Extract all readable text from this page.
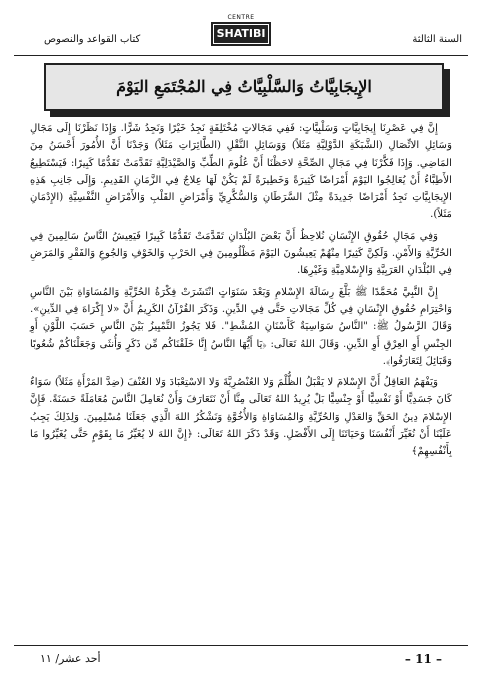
السنة الثالثة
CENTRE
SHATIBI
كتاب القواعد والنصوص
الإِيجَابِيَّاتُ وَالسَّلْبِيَّاتُ فِي المُجْتَمَعِ اليَوْمَ

إِنَّ فِي عَصْرِنَا إِيجَابِيَّاتٍ وَسَلْبِيَّاتٍ: فَفِي مَجَالاتٍ مُخْتَلِفَةٍ نَجِدُ خَيْرًا وَنَجِدُ شَرًّا. وَإِذَا نَظَرْنَا إِلَى مَجَالِ وَسَائِلِ الاتِّصَالِ (الشَّبَكَةِ الدَّوْلِيَّةِ مَثَلاً) وَوَسَائِلِ النَّقْلِ (الطَّائِرَاتِ مَثَلاً) وَجَدْنَا أَنَّ الأُمُورَ أَحْسَنُ مِنَ المَاضِي. وَإِذَا فَكَّرْنَا فِي مَجَالِ الصِّحَّةِ لاحَظْنَا أَنَّ عُلُومَ الطِّبِّ وَالصَّيْدَلِيَّةِ تَقَدَّمَتْ تَقَدُّمًا كَبِيرًا: فَيَسْتَطِيعُ الأَطِبَّاءُ أَنْ يُعَالِجُوا اليَوْمَ أَمْرَاضًا كَثِيرَةً وَخَطِيرَةً لَمْ يَكُنْ لَهَا عِلاجٌ فِي الزَّمَانِ القَدِيمِ. وَإِلَى جَانِبِ هَذِهِ الإِيجَابِيَّاتِ نَجِدُ أَمْرَاضًا جَدِيدَةً مِثْلَ السَّرَطَانِ وَالسُّكَّرِيِّ وَأَمْرَاضِ القَلْبِ وَالأَمْرَاضِ النَّفْسِيَّةِ (الإِدْمَانِ مَثَلاً).

وَفِي مَجَالِ حُقُوقِ الإِنْسَانِ نُلاحِظُ أَنَّ بَعْضَ البُلْدَانِ تَقَدَّمَتْ تَقَدُّمًا كَبِيرًا فَيَعِيشُ النَّاسُ سَالِمِينَ فِي الحُرِّيَّةِ وَالأَمْنِ. وَلَكِنَّ كَثِيرًا مِنْهُمْ يَعِيشُونَ اليَوْمَ مَظْلُومِينَ فِي الحَرْبِ وَالخَوْفِ وَالجُوعِ وَالفَقْرِ وَالمَرَضِ فِي البُلْدَانِ العَرَبِيَّةِ وَالإِسْلامِيَّةِ وَغَيْرِهَا.

إِنَّ النَّبِيَّ مُحَمَّدًا ﷺ بَلَّغَ رِسَالَةَ الإِسْلامِ وَبَعْدَ سَنَوَاتٍ انْتَشَرَتْ فِكْرَةُ الحُرِّيَّةِ وَالمُسَاوَاةِ بَيْنَ النَّاسِ وَاحْتِرَامِ حُقُوقِ الإِنْسَانِ فِي كُلِّ مَجَالاتِ حَتَّى فِي الدِّينِ. وَذَكَرَ القُرْآنُ الكَرِيمُ أَنَّ «لا إِكْرَاهَ فِي الدِّينِ». وَقَالَ الرَّسُولُ ﷺ: "النَّاسُ سَوَاسِيَةٌ كَأَسْنَانِ المُشْطِ". فَلا يَجُوزُ التَّمْيِيزُ بَيْنَ النَّاسِ حَسَبَ اللَّوْنِ أَوِ الجِنْسِ أَوِ العِرْقِ أَوِ الدِّينِ. وَقَالَ اللهُ تَعَالَى: ﴿يَا أَيُّهَا النَّاسُ إِنَّا خَلَقْنَاكُم مِّن ذَكَرٍ وَأُنثَى وَجَعَلْنَاكُمْ شُعُوبًا وَقَبَائِلَ لِتَعَارَفُوا﴾.

وَيَفْهَمُ العَاقِلُ أَنَّ الإِسْلامَ لا يَقْبَلُ الظُّلْمَ وَلا العُنْصُرِيَّةَ وَلا الاسْتِعْبَادَ وَلا العُنْفَ (ضِدَّ المَرْأَةِ مَثَلاً) سَوَاءٌ كَانَ جَسَدِيًّا أَوْ نَفْسِيًّا أَوْ جِنْسِيًّا بَلْ يُرِيدُ اللهُ تَعَالَى مِنَّا أَنْ نَتَعَارَفَ وَأَنْ نُعَامِلَ النَّاسَ مُعَامَلَةً حَسَنَةً. فَإِنَّ الإِسْلامَ دِينُ الحَقِّ وَالعَدْلِ وَالحُرِّيَّةِ وَالمُسَاوَاةِ وَالأُخُوَّةِ وَنَشْكُرُ اللهَ الَّذِي جَعَلَنَا مُسْلِمِينَ. وَلِذَلِكَ يَجِبُ عَلَيْنَا أَنْ نُغَيِّرَ أَنْفُسَنَا وَحَيَاتَنَا إِلَى الأَفْضَلِ. وَقَدْ ذَكَرَ اللهُ تَعَالَى: ﴿إِنَّ اللهَ لا يُغَيِّرُ مَا بِقَوْمٍ حَتَّى يُغَيِّرُوا مَا بِأَنْفُسِهِمْ﴾

– 11 –
أحد عشر/ ١١
